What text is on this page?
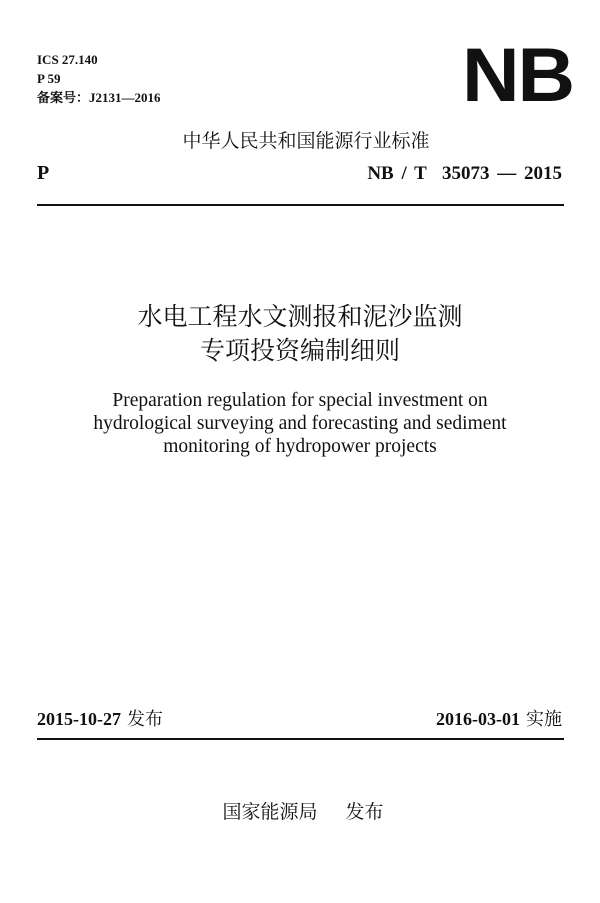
ICS 27.140
P 59
备案号：J2131—2016	NB
中华人民共和国能源行业标准
P	NB / T  35073 — 2015
水电工程水文测报和泥沙监测
专项投资编制细则
Preparation regulation for special investment on
hydrological surveying and forecasting and sediment
monitoring of hydropower projects
2015-10-27 发布	2016-03-01 实施
国家能源局 发布
